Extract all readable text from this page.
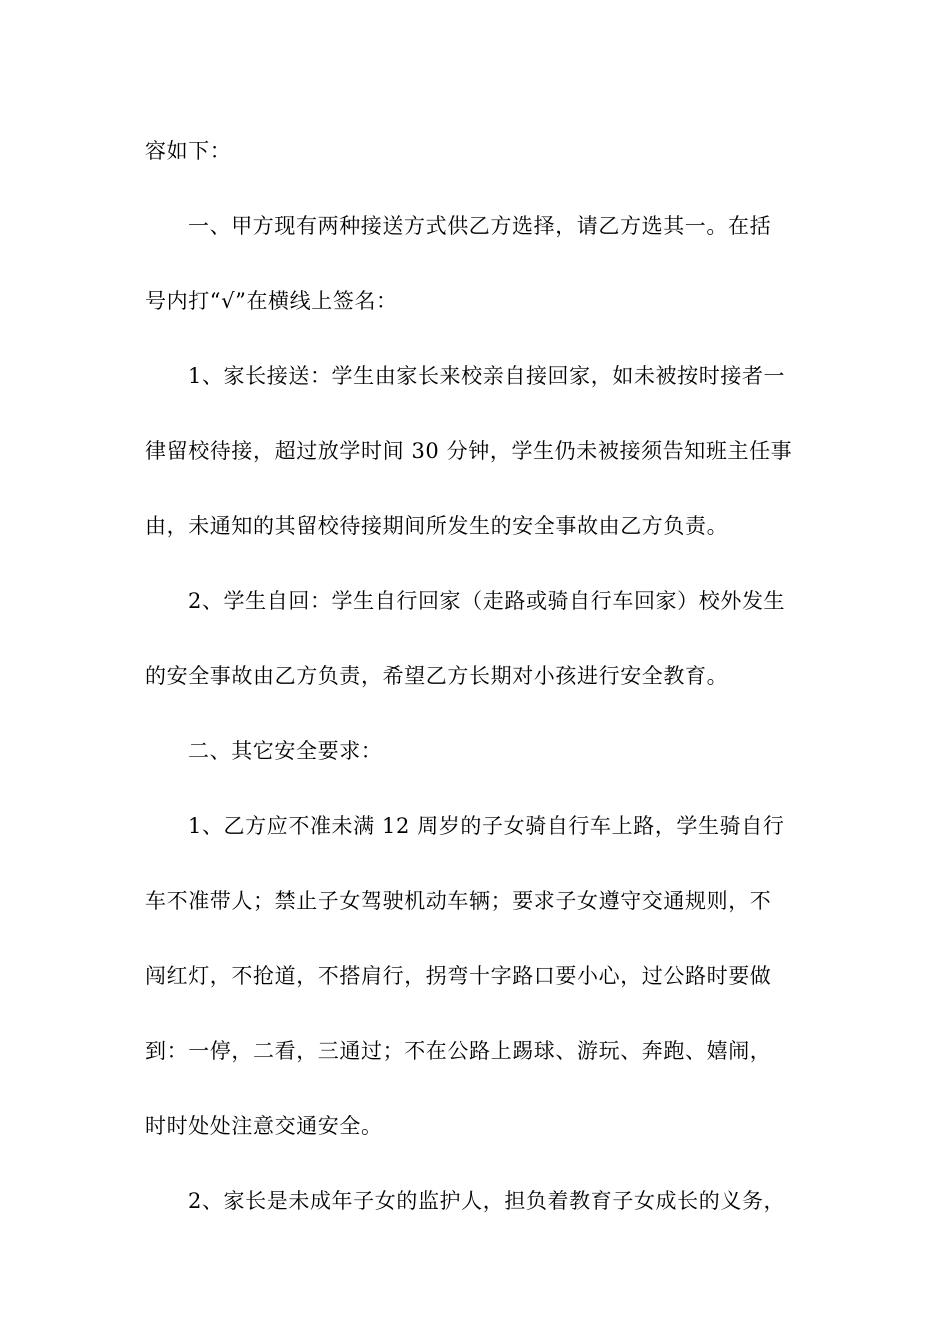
容如下：
一、甲方现有两种接送方式供乙方选择，请乙方选其一。在括
号内打“√”在横线上签名：
1、家长接送：学生由家长来校亲自接回家，如未被按时接者一
律留校待接，超过放学时间 30 分钟，学生仍未被接须告知班主任事
由，未通知的其留校待接期间所发生的安全事故由乙方负责。
2、学生自回：学生自行回家（走路或骑自行车回家）校外发生
的安全事故由乙方负责，希望乙方长期对小孩进行安全教育。
二、其它安全要求：
1、乙方应不准未满 12 周岁的子女骑自行车上路，学生骑自行
车不准带人；禁止子女驾驶机动车辆；要求子女遵守交通规则，不
闯红灯，不抢道，不搭肩行，拐弯十字路口要小心，过公路时要做
到：一停，二看，三通过；不在公路上踢球、游玩、奔跑、嬉闹，
时时处处注意交通安全。
2、家长是未成年子女的监护人，担负着教育子女成长的义务，
